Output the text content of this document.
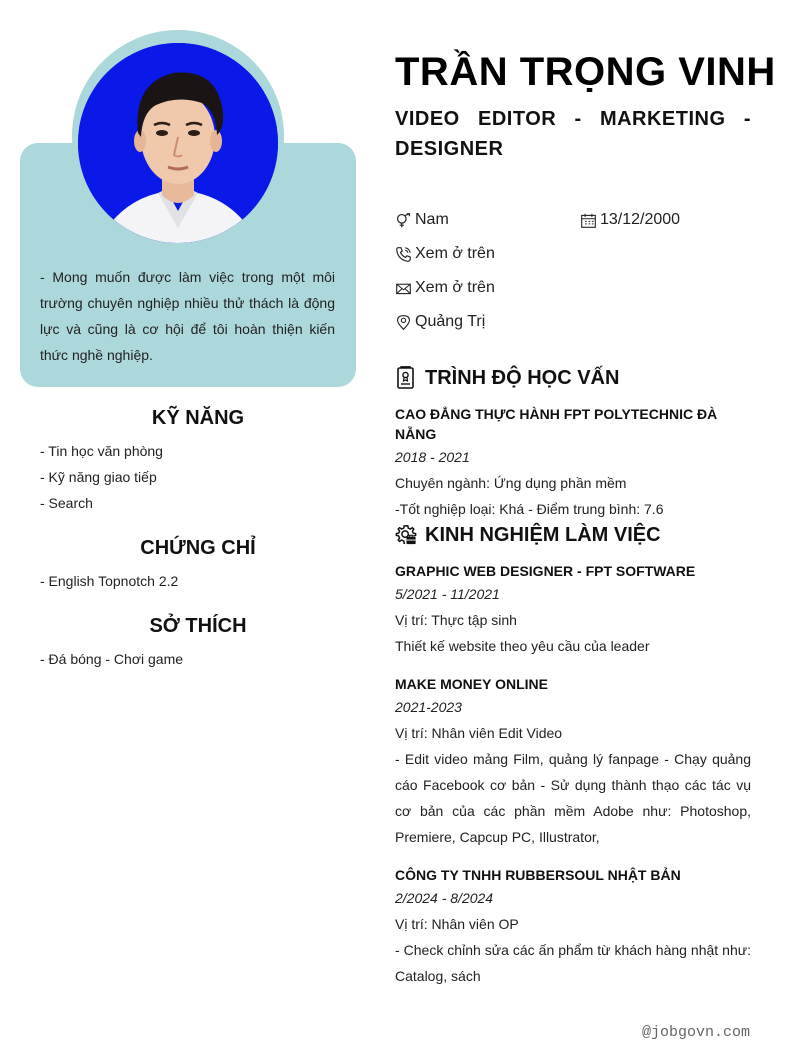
- Mong muốn được làm việc trong một môi trường chuyên nghiệp nhiều thử thách là động lực và cũng là cơ hội để tôi hoàn thiện kiến thức nghề nghiệp.
KỸ NĂNG
- Tin học văn phòng
- Kỹ năng giao tiếp
- Search
CHỨNG CHỈ
- English Topnotch 2.2
SỞ THÍCH
- Đá bóng - Chơi game
TRẦN TRỌNG VINH
VIDEO EDITOR - MARKETING - DESIGNER
Nam	13/12/2000
Xem ở trên
Xem ở trên
Quảng Trị
TRÌNH ĐỘ HỌC VẤN
CAO ĐẲNG THỰC HÀNH FPT POLYTECHNIC ĐÀ NẴNG
2018 - 2021
Chuyên ngành: Ứng dụng phần mềm
-Tốt nghiệp loại: Khá - Điểm trung bình: 7.6
KINH NGHIỆM LÀM VIỆC
GRAPHIC WEB DESIGNER - FPT SOFTWARE
5/2021 - 11/2021
Vị trí: Thực tập sinh
Thiết kế website theo yêu cầu của leader
MAKE MONEY ONLINE
2021-2023
Vị trí: Nhân viên Edit Video
- Edit video mảng Film, quảng lý fanpage - Chạy quảng cáo Facebook cơ bản - Sử dụng thành thạo các tác vụ cơ bản của các phần mềm Adobe như: Photoshop, Premiere, Capcup PC, Illustrator,
CÔNG TY TNHH RUBBERSOUL NHẬT BẢN
2/2024 - 8/2024
Vị trí: Nhân viên OP
- Check chỉnh sửa các ấn phẩm từ khách hàng nhật như: Catalog, sách
@jobgovn.com
